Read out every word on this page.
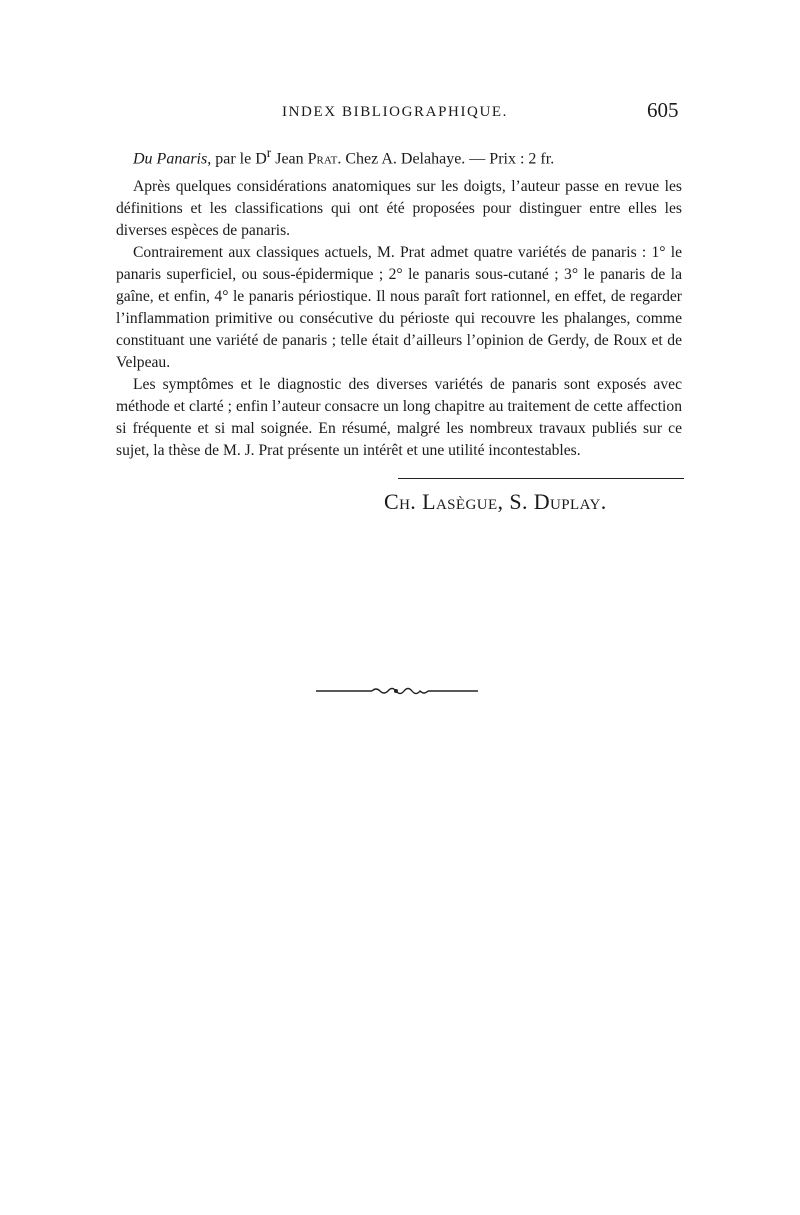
INDEX BIBLIOGRAPHIQUE.	605
Du Panaris, par le $D^r$ Jean Prat. Chez A. Delahaye. — Prix : 2 fr.

Après quelques considérations anatomiques sur les doigts, l’auteur passe en revue les définitions et les classifications qui ont été proposées pour distinguer entre elles les diverses espèces de panaris.

Contrairement aux classiques actuels, M. Prat admet quatre variétés de panaris : 1° le panaris superficiel, ou sous-épidermique ; 2° le panaris sous-cutané ; 3° le panaris de la gaîne, et enfin, 4° le panaris périostique. Il nous paraît fort rationnel, en effet, de regarder l’inflammation primitive ou consécutive du périoste qui recouvre les phalanges, comme constituant une variété de panaris ; telle était d’ailleurs l’opinion de Gerdy, de Roux et de Velpeau.

Les symptômes et le diagnostic des diverses variétés de panaris sont exposés avec méthode et clarté ; enfin l’auteur consacre un long chapitre au traitement de cette affection si fréquente et si mal soignée. En résumé, malgré les nombreux travaux publiés sur ce sujet, la thèse de M. J. Prat présente un intérêt et une utilité incontestables.

Ch. Lasègue, S. Duplay.
